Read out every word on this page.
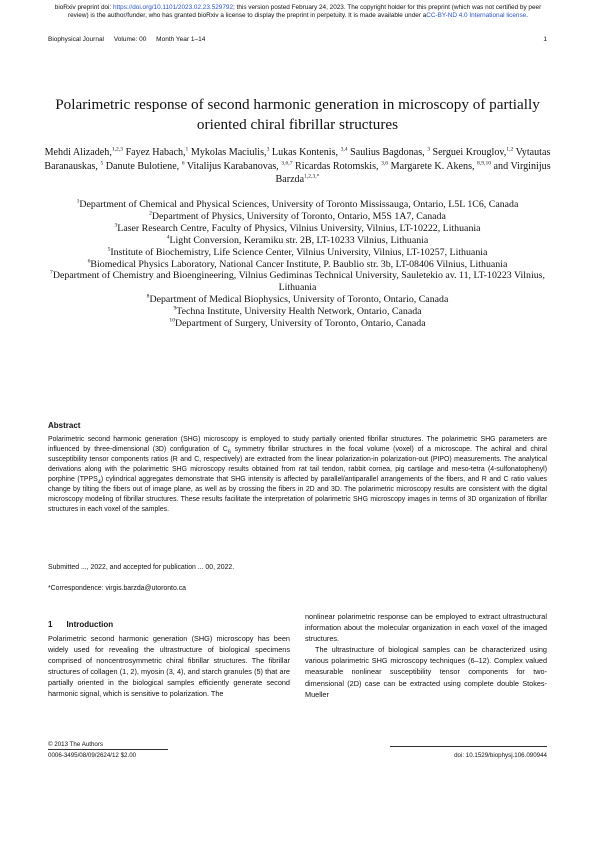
bioRxiv preprint doi: https://doi.org/10.1101/2023.02.23.529792; this version posted February 24, 2023. The copyright holder for this preprint (which was not certified by peer review) is the author/funder, who has granted bioRxiv a license to display the preprint in perpetuity. It is made available under aCC-BY-ND 4.0 International license.
Biophysical Journal Volume: 00 Month Year 1–14	1
Polarimetric response of second harmonic generation in microscopy of partially oriented chiral fibrillar structures
Mehdi Alizadeh,$^{1,2,3}$ Fayez Habach,$^1$ Mykolas Maciulis,$^3$ Lukas Kontenis, $^{3,4}$ Saulius Bagdonas, $^3$ Serguei Krouglov,$^{1,2}$ Vytautas Baranauskas, $^5$ Danute Bulotiene, $^6$ Vitalijus Karabanovas, $^{3,6,7}$ Ricardas Rotomskis, $^{3,6}$ Margarete K. Akens, $^{8,9,10}$ and Virginijus Barzda$^{1,2,3,*}$
$^1$Department of Chemical and Physical Sciences, University of Toronto Mississauga, Ontario, L5L 1C6, Canada
$^2$Department of Physics, University of Toronto, Ontario, M5S 1A7, Canada
$^3$Laser Research Centre, Faculty of Physics, Vilnius University, Vilnius, LT-10222, Lithuania
$^4$Light Conversion, Keramiku str. 2B, LT-10233 Vilnius, Lithuania
$^5$Institute of Biochemistry, Life Science Center, Vilnius University, Vilnius, LT-10257, Lithuania
$^6$Biomedical Physics Laboratory, National Cancer Institute, P. Baublio str. 3b, LT-08406 Vilnius, Lithuania
$^7$Department of Chemistry and Bioengineering, Vilnius Gediminas Technical University, Sauletekio av. 11, LT-10223 Vilnius, Lithuania
$^8$Department of Medical Biophysics, University of Toronto, Ontario, Canada
$^9$Techna Institute, University Health Network, Ontario, Canada
$^{10}$Department of Surgery, University of Toronto, Ontario, Canada
Abstract
Polarimetric second harmonic generation (SHG) microscopy is employed to study partially oriented fibrillar structures. The polarimetric SHG parameters are influenced by three-dimensional (3D) configuration of $C_6$ symmetry fibrillar structures in the focal volume (voxel) of a microscope. The achiral and chiral susceptibility tensor components ratios (R and C, respectively) are extracted from the linear polarization-in polarization-out (PIPO) measurements. The analytical derivations along with the polarimetric SHG microscopy results obtained from rat tail tendon, rabbit cornea, pig cartilage and meso-tetra (4-sulfonatophenyl) porphine $(TPPS_4)$ cylindrical aggregates demonstrate that SHG intensity is affected by parallel/antiparallel arrangements of the fibers, and R and C ratio values change by tilting the fibers out of image plane, as well as by crossing the fibers in 2D and 3D. The polarimetric microscopy results are consistent with the digital microscopy modeling of fibrillar structures. These results facilitate the interpretation of polarimetric SHG microscopy images in terms of 3D organization of fibrillar structures in each voxel of the samples.
Submitted ..., 2022, and accepted for publication ... 00, 2022.
*Correspondence: virgis.barzda@utoronto.ca
1 Introduction
Polarimetric second harmonic generation (SHG) microscopy has been widely used for revealing the ultrastructure of biological specimens comprised of noncentrosymmetric chiral fibrillar structures. The fibrillar structures of collagen (1, 2), myosin (3, 4), and starch granules (5) that are partially oriented in the biological samples efficiently generate second harmonic signal, which is sensitive to polarization. The

nonlinear polarimetric response can be employed to extract ultrastructural information about the molecular organization in each voxel of the imaged structures.

The ultrastructure of biological samples can be characterized using various polarimetric SHG microscopy techniques (6–12). Complex valued measurable nonlinear susceptibility tensor components for two-dimensional (2D) case can be extracted using complete double Stokes-Mueller

© 2013 The Authors
0006-3495/08/09/2624/12 $2.00	doi: 10.1529/biophysj.106.090944
